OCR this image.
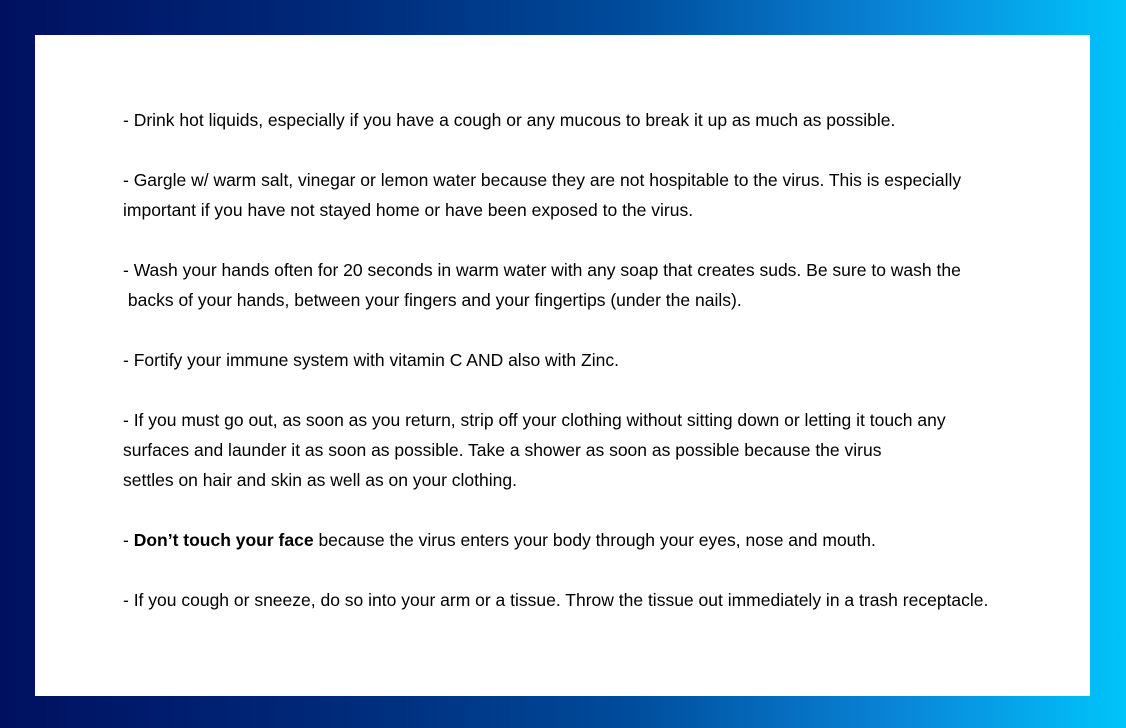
- Drink hot liquids, especially if you have a cough or any mucous to break it up as much as possible.

- Gargle w/ warm salt, vinegar or lemon water because they are not hospitable to the virus. This is especially
important if you have not stayed home or have been exposed to the virus.

- Wash your hands often for 20 seconds in warm water with any soap that creates suds. Be sure to wash the
backs of your hands, between your fingers and your fingertips (under the nails).

- Fortify your immune system with vitamin C AND also with Zinc.

- If you must go out, as soon as you return, strip off your clothing without sitting down or letting it touch any
surfaces and launder it as soon as possible. Take a shower as soon as possible because the virus
settles on hair and skin as well as on your clothing.

- Don’t touch your face because the virus enters your body through your eyes, nose and mouth.

- If you cough or sneeze, do so into your arm or a tissue. Throw the tissue out immediately in a trash receptacle.
